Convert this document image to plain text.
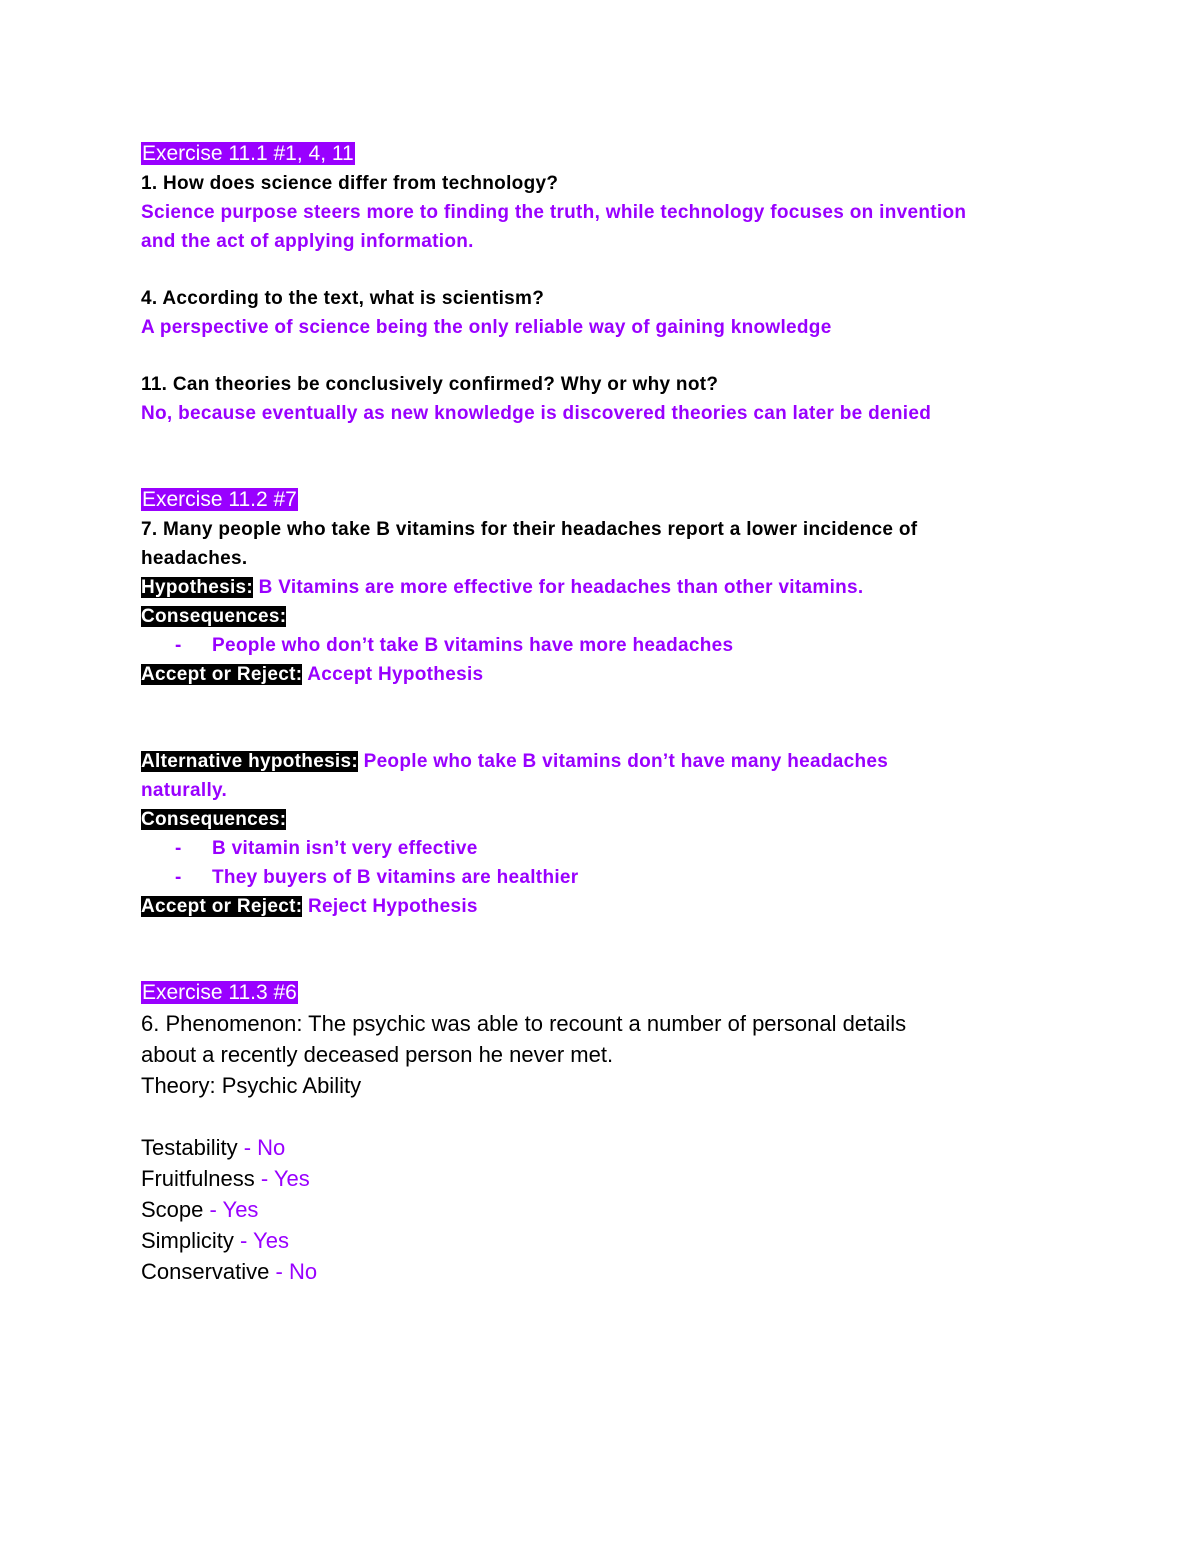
Exercise 11.1 #1, 4, 11

1. How does science differ from technology?

Science purpose steers more to finding the truth, while technology focuses on invention

and the act of applying information.

4. According to the text, what is scientism?

A perspective of science being the only reliable way of gaining knowledge

11. Can theories be conclusively confirmed? Why or why not?

No, because eventually as new knowledge is discovered theories can later be denied

Exercise 11.2 #7

7. Many people who take B vitamins for their headaches report a lower incidence of

headaches.

Hypothesis: B Vitamins are more effective for headaches than other vitamins.

Consequences:

- People who don’t take B vitamins have more headaches

Accept or Reject: Accept Hypothesis

Alternative hypothesis: People who take B vitamins don’t have many headaches

naturally.

Consequences:

- B vitamin isn’t very effective

- They buyers of B vitamins are healthier

Accept or Reject: Reject Hypothesis

Exercise 11.3 #6

6. Phenomenon: The psychic was able to recount a number of personal details

about a recently deceased person he never met.

Theory: Psychic Ability

Testability - No

Fruitfulness - Yes

Scope - Yes

Simplicity - Yes

Conservative - No
